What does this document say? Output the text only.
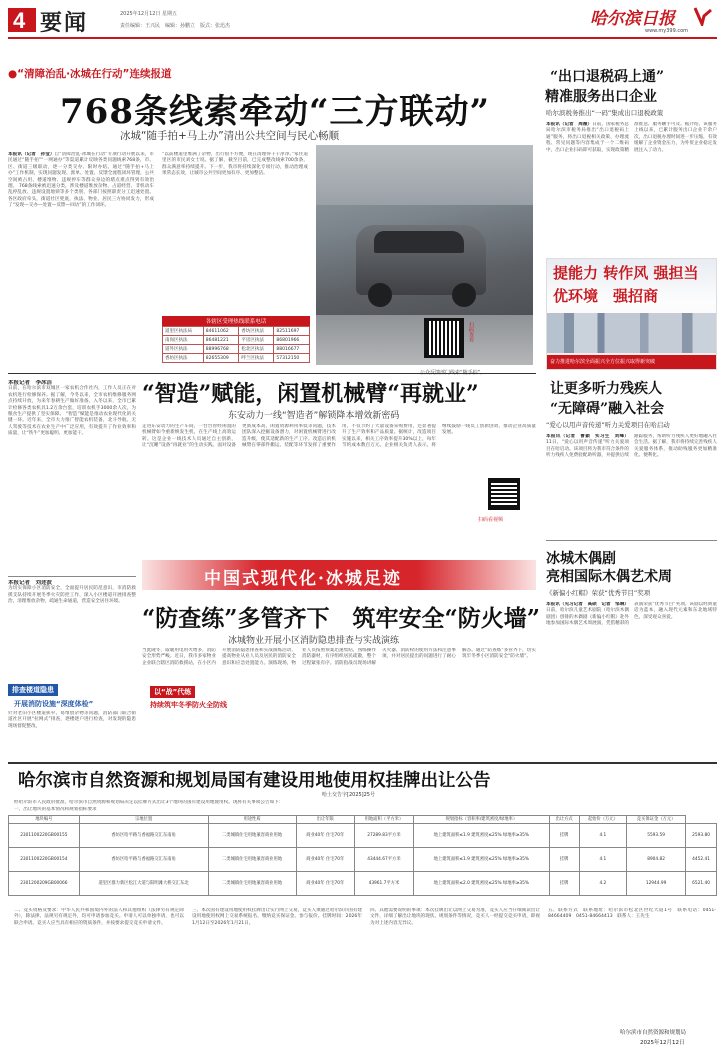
4 要闻	2025年12月12日 星期五
责任编辑：王兴民　编辑：孙鹏立　版式：张迅杰	哈尔滨日报
www.my399.com
●“清障治乱·冰城在行动”连续报道
768条线索牵动“三方联动”
冰城“随手拍+马上办”清出公共空间与民心畅顺
本报讯（记者　孙莹）自“清障治乱·冰城在行动”专项行动开展以来，市民通过“随手拍”“一网通办”等渠道累计反映各类问题线索768条，市、区、街道三级联动，逐一分类交办、限时办结。通过“随手拍+马上办”工作机制，实现问题发现、派单、处置、反馈全流程闭环管理，公共空间被占用、楼道堆物、违规停车等群众身边的堵点难点得到有效治理。 768条线索被迅速分类，涉及楼道堆放杂物、占道经营、非机动车乱停乱放、违规设置地锁等多个类别，各部门按照职责分工迅速处置。各区政府牵头，街道社区兜底，执法、物业、居民三方协同发力，形成了“发现—交办—处置—反馈—回访”的工作闭环。
“以前楼道里堆满了杂物，出行很不方便，现在清理得干干净净。”家住道里区的市民刘女士说。据了解，截至目前，已完成整改线索700余条，群众满意率持续提升。下一步，我市将持续深化专项行动，推动治理成果常态长效，让城市公共空间更加有序、更加整洁。
各辖区受理热线联系电话
道里区执法局	84611062	香坊区执法	82511697
南岗区执法	86481221	平房区执法	86801966
道外区执法	88996768	松北区执法	88016677
香坊区执法	82655309	呼兰区执法	57312150
扫码查看
本报记者　李冰洁
日前，在哈尔滨市双城区一家农机合作社内，工作人员正在对农机进行检修保养。据了解，今冬以来，全市农机维修服务网点持续开放，为来年春耕生产做好准备。入冬以来，全市已累计检修各类农机具1.2万余台套，培训农机手3000余人次，为粮食生产提供了坚实保障。 “智造”赋能是推动农业现代化的关键一环。近年来，全市大力推广智能农机装备，北斗导航、无人驾驶等技术在农业生产中广泛应用，有效提升了作业效率和质量，让“铁牛”更加聪明、更加能干。
本报记者　刘述波
为切实保障小区消防安全，全面提升居民防范意识，市消防救援支队持续开展冬季火灾防控工作，深入小区楼道开展排查整治，清理堆放杂物，疏通生命通道，营造安全居住环境。
排查楼道隐患
开展消防设施“深度体检”
针对老旧小区楼道狭窄、易堆放杂物等问题，消防部门联合街道社区开展“拉网式”排查，逐楼逐户进行检查，对发现的隐患现场督促整改。
“智造”赋能，闲置机械臂“再就业”
东安动力一线“智造者”解锁降本增效新密码
走进东安动力的生产车间，一台台曾经闲置的机械臂如今重新焕发生机，在生产线上高效运转。这是企业一线技术人员通过自主创新，让“沉睡”设备“再就业”的生动实践。面对设备更新成本高、闲置资源利用率低等问题，技术团队深入挖掘设备潜力，对闲置机械臂进行改造升级，使其适配新的生产工序。改造后的机械臂在零部件搬运、装配等环节发挥了重要作用，不仅节约了大量设备采购费用，还显著提升了生产效率和产品质量。据统计，改造项目实施以来，相关工序效率提升30%以上，每年节约成本数百万元。企业相关负责人表示，将继续鼓励一线员工创新创效，推动企业高质量发展。
扫码看视频
中国式现代化·冰城足迹
“防查练”多管齐下　筑牢安全“防火墙”
冰城物业开展小区消防隐患排查与实战演练
以“战”代练
持续筑牢冬季防火全防线
当此隆冬，取暖用电用火增多，消防安全形势严峻。近日，我市多家物业企业联合辖区消防救援站，在小区内开展消防隐患排查和实战演练活动，提高物业从业人员及居民的消防安全意识和应急处置能力。演练现场，物业人员按照预案迅速集结，熟练操作消防器材，有序组织居民疏散，整个过程紧张有序。消防指战员现场讲解灭火器、消防栓的使用方法和注意事项，并对居民提出的问题进行了耐心解答。通过“防查练”多管齐下，切实筑牢冬季小区消防安全“防火墙”。
“出口退税码上通”
精准服务出口企业
哈尔滨税务推出“一码”集成出口退税政策
本报讯（记者　周薇）日前，国家税务总局哈尔滨市税务局推出“出口退税码上通”服务，将出口退税相关政策、办理流程、常见问题等内容集成于一个二维码中，出口企业扫码即可获取，实现政策精准推送、服务触手可及。据介绍，该服务上线以来，已累计服务出口企业千余户次，出口退税办理时间进一步压缩，有效缓解了企业资金压力，为外贸企业稳定发展注入了动力。
提能力 转作风 强担当
优环境　强招商
奋力推进哈尔滨全面振兴全方位振兴取得新突破
让更多听力残疾人
“无障碍”融入社会
“爱心以用声音传递”听力关爱项目在哈启动
本报讯（记者　曹颖　实习生　刘峰）11日，“爱心以用声音传递”听力关爱项目在哈启动。该项目将为我市符合条件的听力残疾人免费验配助听器，并提供后续跟踪服务，帮助听力残疾人更好地融入社会生活。据了解，我市将持续完善残疾人关爱服务体系，推动助残服务更加精准化、便利化。
冰城木偶剧
亮相国际木偶艺术周
《新偏小红帽》荣获“优秀节目”奖项
本报讯（见习记者　高硕　记者　邹琳）日前，哈尔滨儿童艺术剧院（哈尔滨木偶剧团）创排的木偶剧《新偏小红帽》赴外地参加国际木偶艺术周展演，凭借精彩的表演荣获“优秀节目”奖项。该剧以经典童话为蓝本，融入现代元素和东北地域特色，深受观众喜爱。
哈尔滨市自然资源和规划局国有建设用地使用权挂牌出让公告
哈土交告字[2025]25号
经哈尔滨市人民政府批准，哈尔滨市自然资源和规划局决定以挂牌方式出让3个地块的国有建设用地使用权。现将有关事项公告如下：
一、出让地块的基本情况和规划指标要求
地块编号	宗地位置	用途性质	出让年限	用地面积（平方米）	规划指标（容积率/建筑密度/绿地率）	出让方式	起始价（万元）	竞买保证金（万元）	
2301100220GB00155	香坊区哈平路与香福路交汇东南角	二类城镇住宅用地兼容商业用地	商业40年 住宅70年	27289.83平方米	地上建筑面积≤1.9 建筑密度≤25% 绿地率≥35%	挂牌	4.1	5593.59	2593.80
2301100220GB00154	香坊区哈平路与香福路交汇东南角	二类城镇住宅用地兼容商业用地	商业40年 住宅70年	43444.67平方米	地上建筑面积≤1.9 建筑密度≤25% 绿地率≥35%	挂牌	4.1	8904.82	4452.41
2301200209GB00066	道里区群力新区松江大道与阳明滩大桥交汇东北	二类城镇住宅用地兼容商业用地	商业40年 住宅70年	43961.7平方米	地上建筑面积≤2.0 建筑密度≤25% 绿地率≥35%	挂牌	4.2	12944.99	6521.40
二、竞买资格及要求：中华人民共和国境内外的法人和其他组织（法律另有规定除外），除法律、法规另有规定外，均可申请参加竞买。申请人可以单独申请，也可以联合申请。竞买人应当具有相应的资质条件，并按要求提交竞买申请文件。
三、本次国有建设用地使用权挂牌出让实行网上交易，竞买人须通过哈尔滨市国有建设用地使用权网上交易系统报名、缴纳竞买保证金、参与报价。挂牌时间：2026年1月12日至2026年1月21日。
四、其他需要说明的事项：本次挂牌出让以网上交易为准，竞买人应当仔细阅读出让文件，详细了解出让地块的现状、规划条件等情况，竞买人一经提交竞买申请，即视为对上述内容无异议。
五、联系方式　联系地址：哈尔滨市松北区世纪大道1号　联系电话：0451-84664409　0451-84664413　联系人：王先生
哈尔滨市自然资源和规划局
2025年12月12日
